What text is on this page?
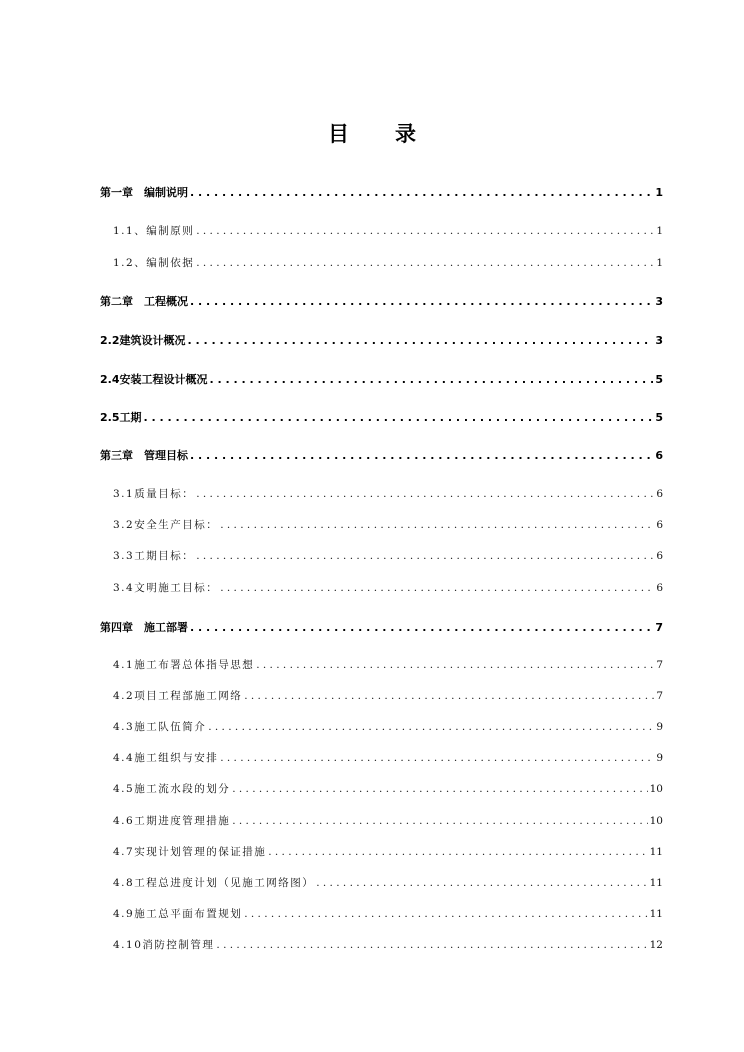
目 录
第一章　编制说明 . . .	1
1.1、编制原则 . . .	1
1.2、编制依据 . . .	1
第二章　工程概况 . . .	3
2.2建筑设计概况 . . .	3
2.4安装工程设计概况 . . .	5
2.5工期 . . .	5
第三章　管理目标 . . .	6
3.1质量目标： . . .	6
3.2安全生产目标： . . .	6
3.3工期目标： . . .	6
3.4文明施工目标： . . .	6
第四章　施工部署 . . .	7
4.1施工布署总体指导思想 . . .	7
4.2项目工程部施工网络 . . .	7
4.3施工队伍简介 . . .	9
4.4施工组织与安排 . . .	9
4.5施工流水段的划分 . . .	10
4.6工期进度管理措施 . . .	10
4.7实现计划管理的保证措施 . . .	11
4.8工程总进度计划（见施工网络图） . . .	11
4.9施工总平面布置规划 . . .	11
4.10消防控制管理 . . .	12
